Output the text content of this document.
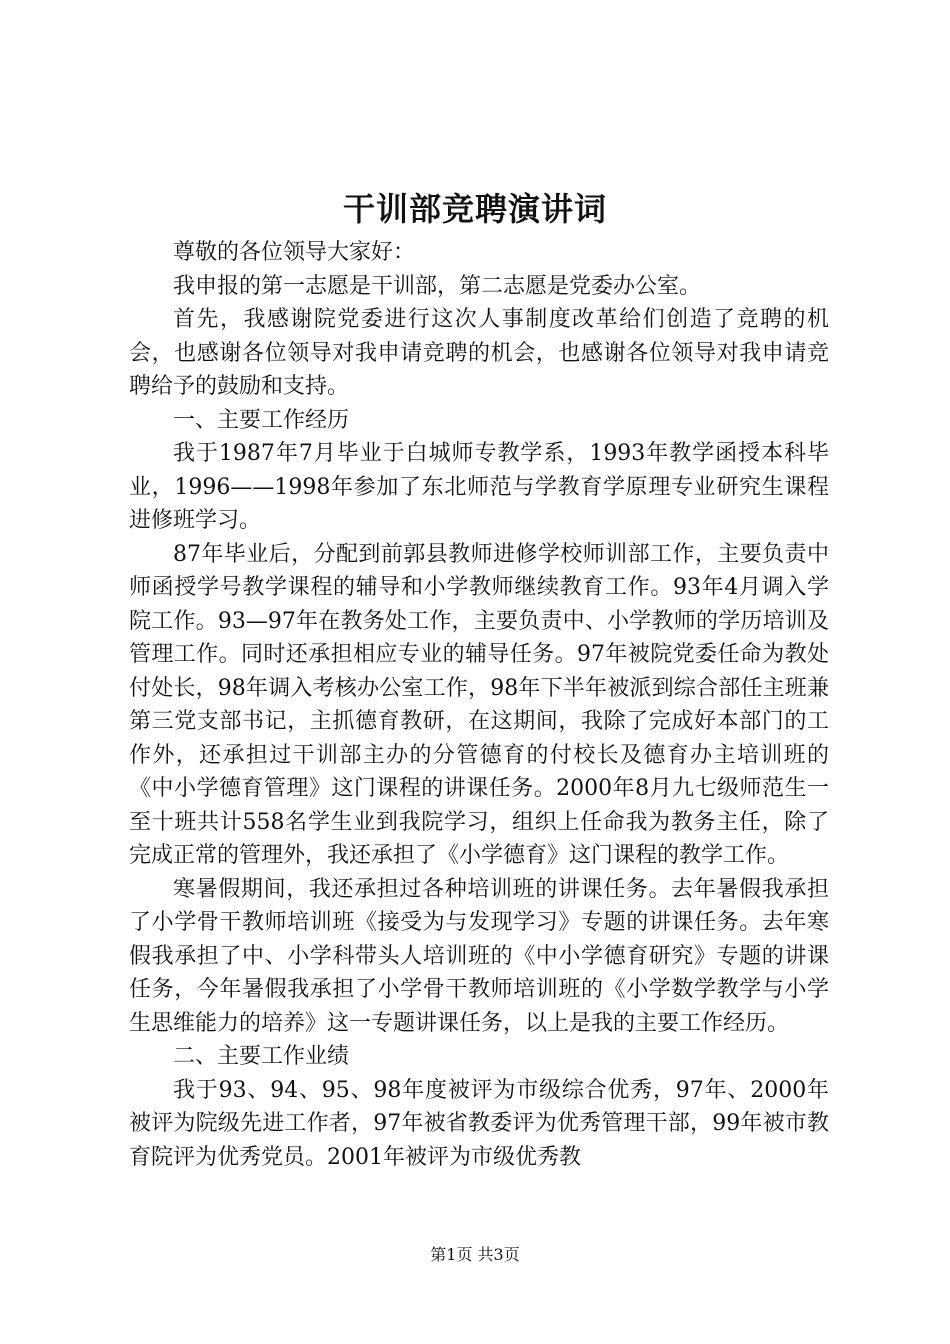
干训部竞聘演讲词

尊敬的各位领导大家好：

我申报的第一志愿是干训部，第二志愿是党委办公室。

首先，我感谢院党委进行这次人事制度改革给们创造了竞聘的机会，也感谢各位领导对我申请竞聘的机会，也感谢各位领导对我申请竞聘给予的鼓励和支持。

一、主要工作经历

我于1987年7月毕业于白城师专教学系，1993年教学函授本科毕业，1996——1998年参加了东北师范与学教育学原理专业研究生课程进修班学习。

87年毕业后，分配到前郭县教师进修学校师训部工作，主要负责中师函授学号教学课程的辅导和小学教师继续教育工作。93年4月调入学院工作。93—97年在教务处工作，主要负责中、小学教师的学历培训及管理工作。同时还承担相应专业的辅导任务。97年被院党委任命为教处付处长，98年调入考核办公室工作，98年下半年被派到综合部任主班兼第三党支部书记，主抓德育教研，在这期间，我除了完成好本部门的工作外，还承担过干训部主办的分管德育的付校长及德育办主培训班的《中小学德育管理》这门课程的讲课任务。2000年8月九七级师范生一至十班共计558名学生业到我院学习，组织上任命我为教务主任，除了完成正常的管理外，我还承担了《小学德育》这门课程的教学工作。

寒暑假期间，我还承担过各种培训班的讲课任务。去年暑假我承担了小学骨干教师培训班《接受为与发现学习》专题的讲课任务。去年寒假我承担了中、小学科带头人培训班的《中小学德育研究》专题的讲课任务，今年暑假我承担了小学骨干教师培训班的《小学数学教学与小学生思维能力的培养》这一专题讲课任务，以上是我的主要工作经历。

二、主要工作业绩

我于93、94、95、98年度被评为市级综合优秀，97年、2000年被评为院级先进工作者，97年被省教委评为优秀管理干部，99年被市教育院评为优秀党员。2001年被评为市级优秀教

第1页 共3页
